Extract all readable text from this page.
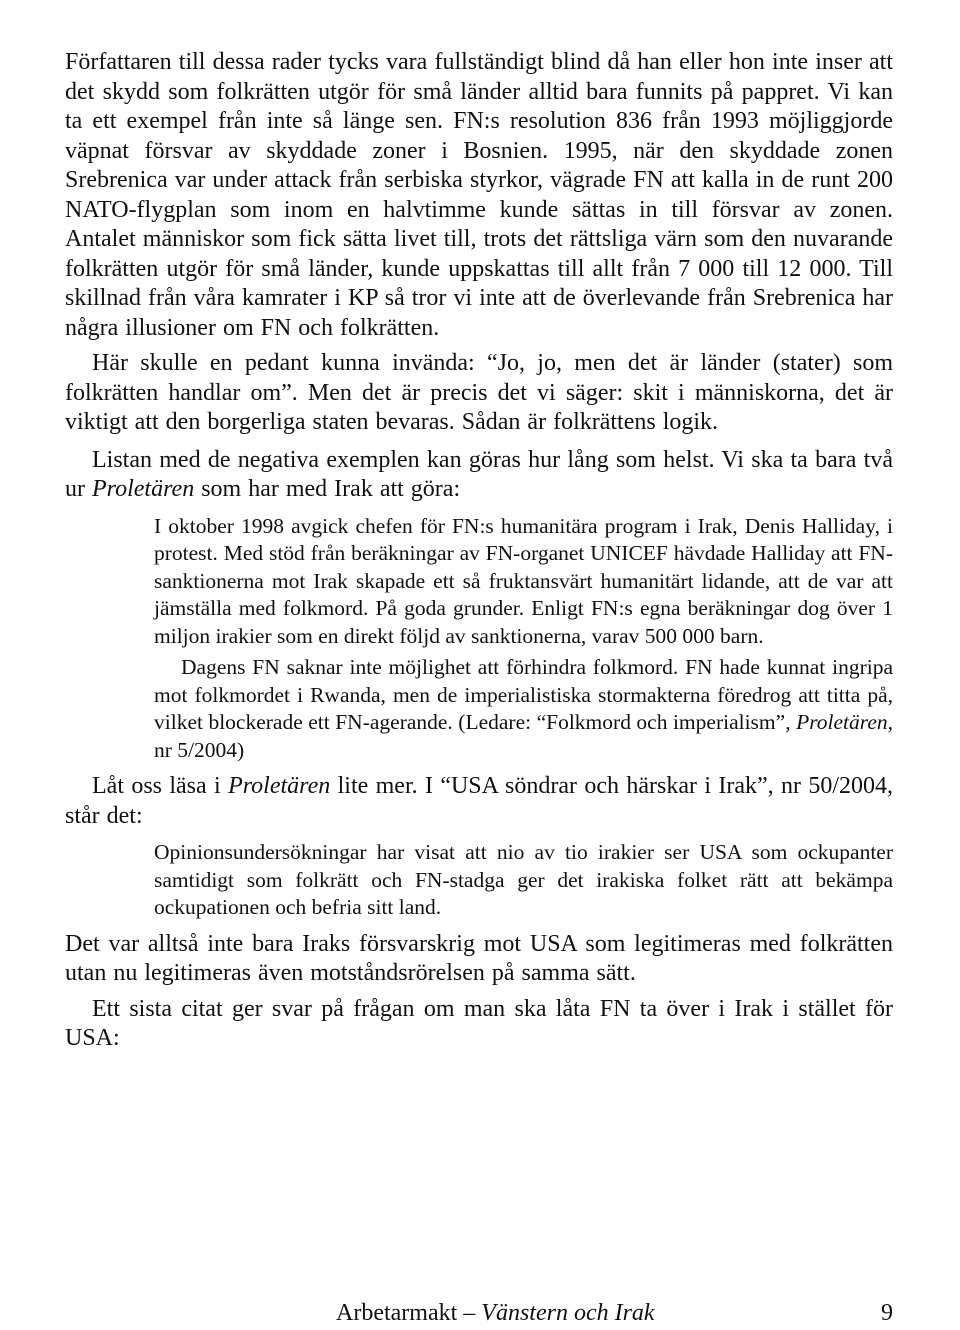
Författaren till dessa rader tycks vara fullständigt blind då han eller hon inte inser att det skydd som folkrätten utgör för små länder alltid bara funnits på pappret. Vi kan ta ett exempel från inte så länge sen. FN:s resolution 836 från 1993 möjliggjorde väpnat försvar av skyddade zoner i Bosnien. 1995, när den skyddade zonen Srebrenica var under attack från serbiska styrkor, vägrade FN att kalla in de runt 200 NATO-flygplan som inom en halvtimme kunde sättas in till försvar av zonen. Antalet människor som fick sätta livet till, trots det rättsliga värn som den nuvarande folkrätten utgör för små länder, kunde uppskattas till allt från 7 000 till 12 000. Till skillnad från våra kamrater i KP så tror vi inte att de överlevande från Srebrenica har några illusioner om FN och folkrätten.

Här skulle en pedant kunna invända: “Jo, jo, men det är länder (stater) som folkrätten handlar om”. Men det är precis det vi säger: skit i människorna, det är viktigt att den borgerliga staten bevaras. Sådan är folkrättens logik.

Listan med de negativa exemplen kan göras hur lång som helst. Vi ska ta bara två ur Proletären som har med Irak att göra:

I oktober 1998 avgick chefen för FN:s humanitära program i Irak, Denis Halliday, i protest. Med stöd från beräkningar av FN-organet UNICEF hävdade Halliday att FN-sanktionerna mot Irak skapade ett så fruktansvärt humanitärt lidande, att de var att jämställa med folkmord. På goda grunder. Enligt FN:s egna beräkningar dog över 1 miljon irakier som en direkt följd av sanktionerna, varav 500 000 barn.

Dagens FN saknar inte möjlighet att förhindra folkmord. FN hade kunnat ingripa mot folkmordet i Rwanda, men de imperialistiska stormakterna föredrog att titta på, vilket blockerade ett FN-agerande. (Ledare: “Folkmord och imperialism”, Proletären, nr 5/2004)

Låt oss läsa i Proletären lite mer. I “USA söndrar och härskar i Irak”, nr 50/2004, står det:

Opinionsundersökningar har visat att nio av tio irakier ser USA som ockupanter samtidigt som folkrätt och FN-stadga ger det irakiska folket rätt att bekämpa ockupationen och befria sitt land.

Det var alltså inte bara Iraks försvarskrig mot USA som legitimeras med folkrätten utan nu legitimeras även motståndsrörelsen på samma sätt.

Ett sista citat ger svar på frågan om man ska låta FN ta över i Irak i stället för USA:

Arbetarmakt – Vänstern och Irak	9
